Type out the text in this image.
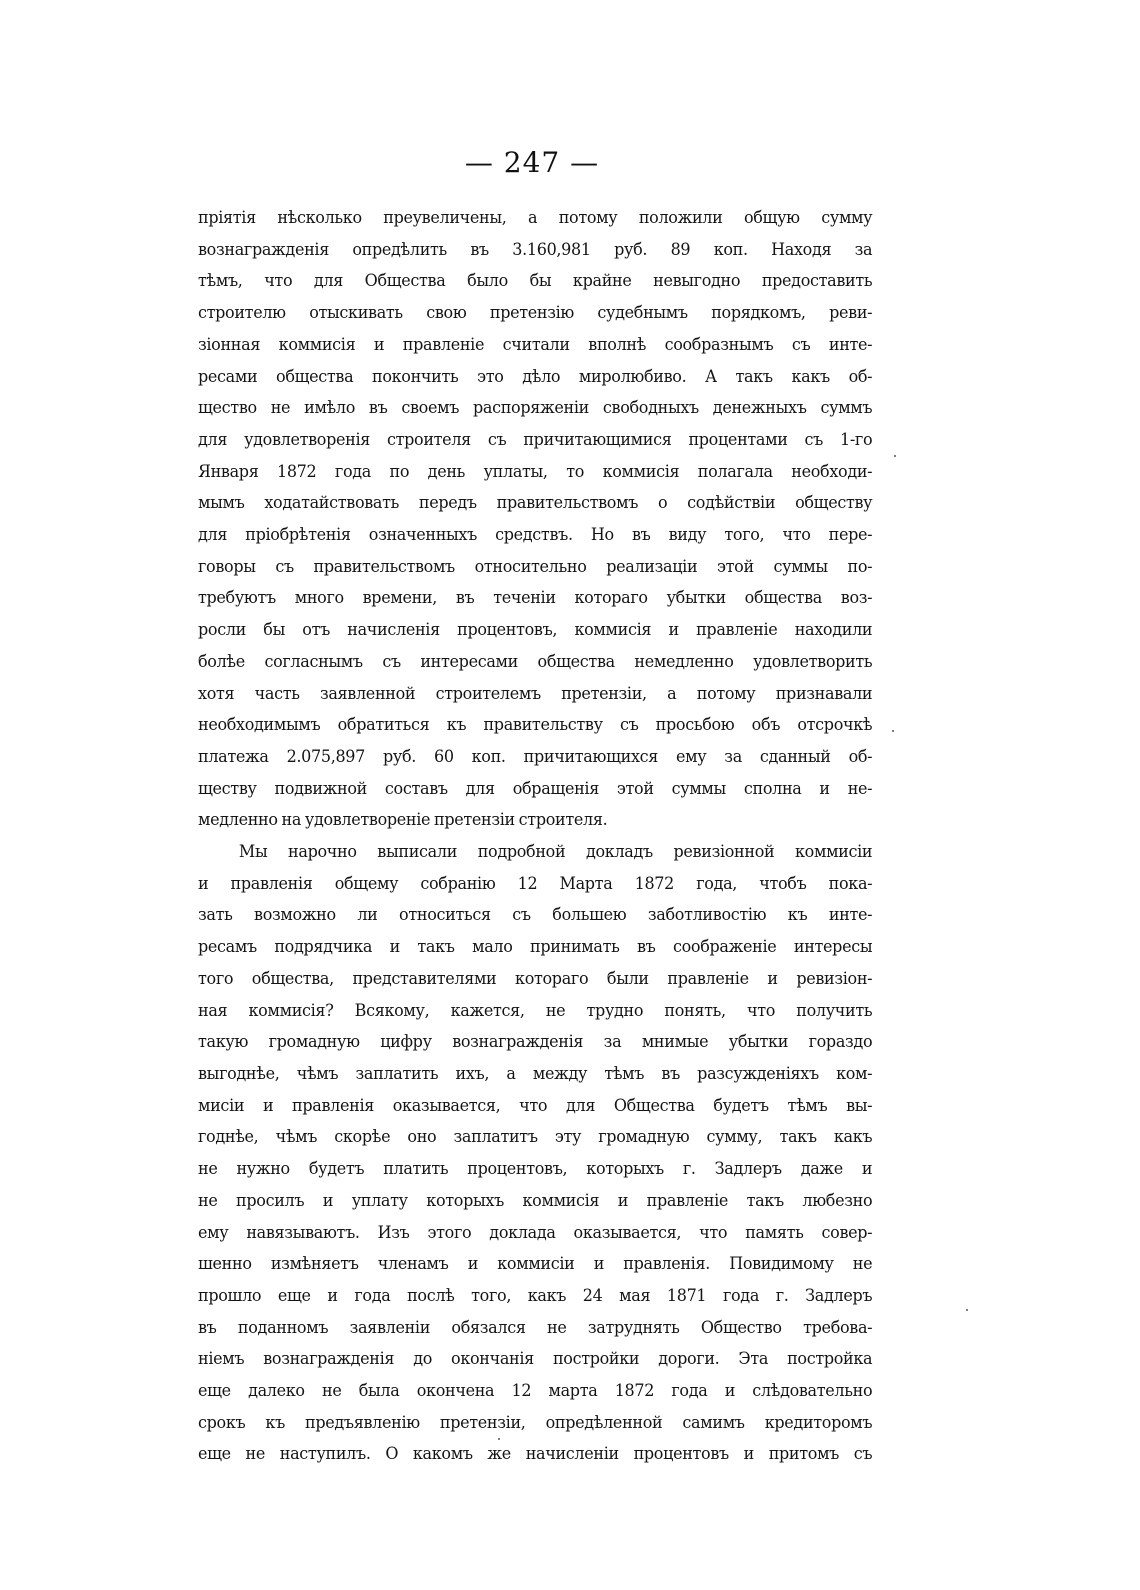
— 247 —
пріятія нѣсколько преувеличены, а потому положили общую сумму
вознагражденія опредѣлить въ 3.160,981 руб. 89 коп. Находя за
тѣмъ, что для Общества было бы крайне невыгодно предоставить
строителю отыскивать свою претензію судебнымъ порядкомъ, реви-
зіонная коммисія и правленіе считали вполнѣ сообразнымъ съ инте-
ресами общества покончить это дѣло миролюбиво. А такъ какъ об-
щество не имѣло въ своемъ распоряженіи свободныхъ денежныхъ суммъ
для удовлетворенія строителя съ причитающимися процентами съ 1-го
Января 1872 года по день уплаты, то коммисія полагала необходи-
мымъ ходатайствовать передъ правительствомъ о содѣйствіи обществу
для пріобрѣтенія означенныхъ средствъ. Но въ виду того, что пере-
говоры съ правительствомъ относительно реализаціи этой суммы по-
требуютъ много времени, въ теченіи котораго убытки общества воз-
росли бы отъ начисленія процентовъ, коммисія и правленіе находили
болѣе согласнымъ съ интересами общества немедленно удовлетворить
хотя часть заявленной строителемъ претензіи, а потому признавали
необходимымъ обратиться къ правительству съ просьбою объ отсрочкѣ
платежа 2.075,897 руб. 60 коп. причитающихся ему за сданный об-
ществу подвижной составъ для обращенія этой суммы сполна и не-
медленно на удовлетвореніе претензіи строителя.
Мы нарочно выписали подробной докладъ ревизіонной коммисіи
и правленія общему собранію 12 Марта 1872 года, чтобъ пока-
зать возможно ли относиться съ большею заботливостію къ инте-
ресамъ подрядчика и такъ мало принимать въ соображеніе интересы
того общества, представителями котораго были правленіе и ревизіон-
ная коммисія? Всякому, кажется, не трудно понять, что получить
такую громадную цифру вознагражденія за мнимые убытки гораздо
выгоднѣе, чѣмъ заплатить ихъ, а между тѣмъ въ разсужденіяхъ ком-
мисіи и правленія оказывается, что для Общества будетъ тѣмъ вы-
годнѣе, чѣмъ скорѣе оно заплатитъ эту громадную сумму, такъ какъ
не нужно будетъ платить процентовъ, которыхъ г. Задлеръ даже и
не просилъ и уплату которыхъ коммисія и правленіе такъ любезно
ему навязываютъ. Изъ этого доклада оказывается, что память совер-
шенно измѣняетъ членамъ и коммисіи и правленія. Повидимому не
прошло еще и года послѣ того, какъ 24 мая 1871 года г. Задлеръ
въ поданномъ заявленіи обязался не затруднять Общество требова-
ніемъ вознагражденія до окончанія постройки дороги. Эта постройка
еще далеко не была окончена 12 марта 1872 года и слѣдовательно
срокъ къ предъявленію претензіи, опредѣленной самимъ кредиторомъ
еще не наступилъ. О какомъ же начисленіи процентовъ и притомъ съ
